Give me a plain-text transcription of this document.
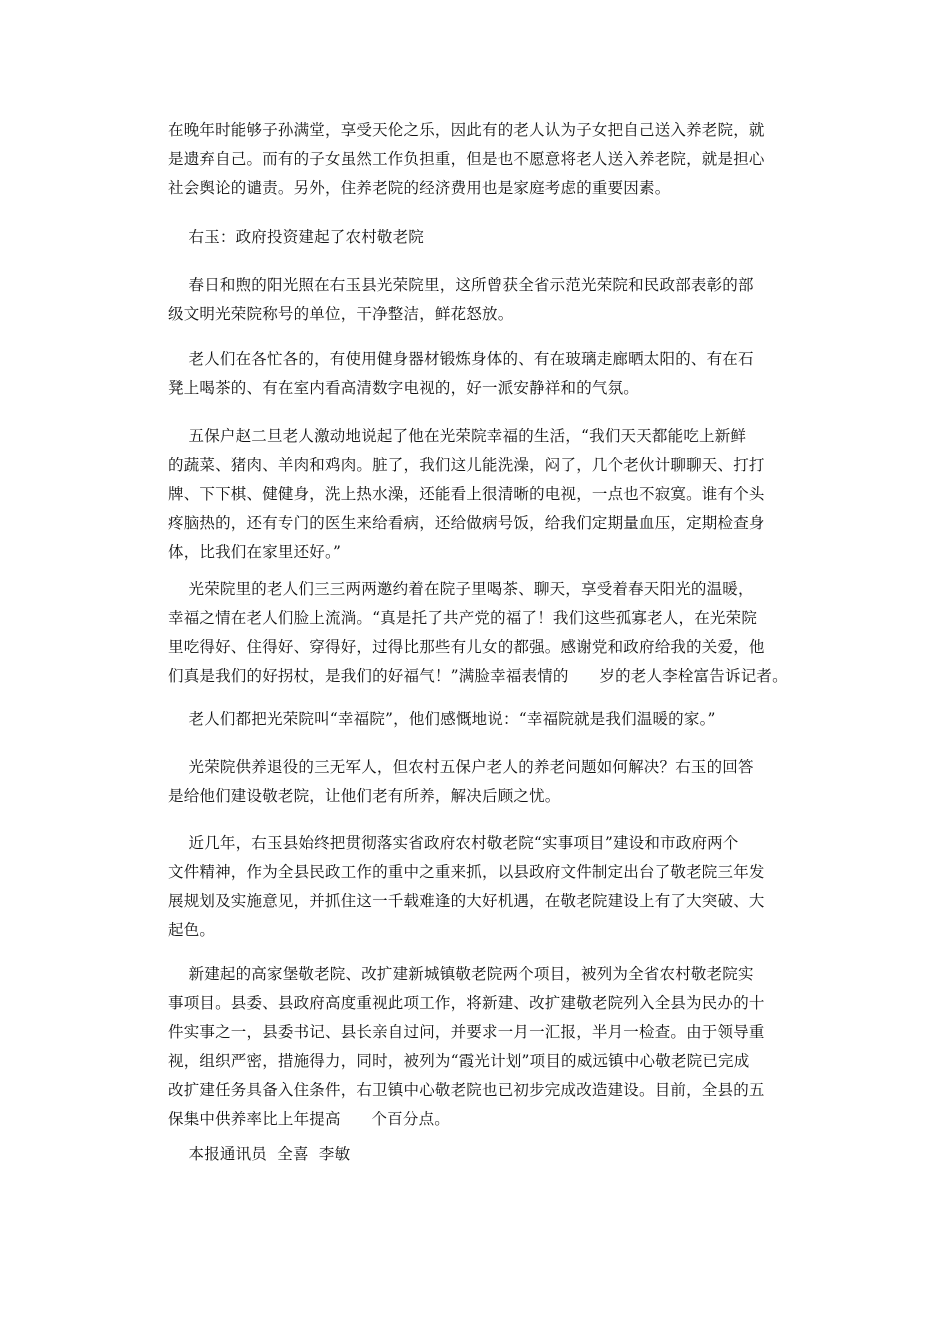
在晚年时能够子孙满堂，享受天伦之乐，因此有的老人认为子女把自己送入养老院，就
是遗弃自己。而有的子女虽然工作负担重，但是也不愿意将老人送入养老院，就是担心
社会舆论的谴责。另外，住养老院的经济费用也是家庭考虑的重要因素。
右玉：政府投资建起了农村敬老院
春日和煦的阳光照在右玉县光荣院里，这所曾获全省示范光荣院和民政部表彰的部
级文明光荣院称号的单位，干净整洁，鲜花怒放。
老人们在各忙各的，有使用健身器材锻炼身体的、有在玻璃走廊晒太阳的、有在石
凳上喝茶的、有在室内看高清数字电视的，好一派安静祥和的气氛。
五保户赵二旦老人激动地说起了他在光荣院幸福的生活，“我们天天都能吃上新鲜
的蔬菜、猪肉、羊肉和鸡肉。脏了，我们这儿能洗澡，闷了，几个老伙计聊聊天、打打
牌、下下棋、健健身，洗上热水澡，还能看上很清晰的电视，一点也不寂寞。谁有个头
疼脑热的，还有专门的医生来给看病，还给做病号饭，给我们定期量血压，定期检查身
体，比我们在家里还好。”
光荣院里的老人们三三两两邀约着在院子里喝茶、聊天，享受着春天阳光的温暖，
幸福之情在老人们脸上流淌。“真是托了共产党的福了！我们这些孤寡老人，在光荣院
里吃得好、住得好、穿得好，过得比那些有儿女的都强。感谢党和政府给我的关爱，他
们真是我们的好拐杖，是我们的好福气！”满脸幸福表情的      岁的老人李栓富告诉记者。
老人们都把光荣院叫“幸福院”，他们感慨地说：“幸福院就是我们温暖的家。”
光荣院供养退役的三无军人，但农村五保户老人的养老问题如何解决？右玉的回答
是给他们建设敬老院，让他们老有所养，解决后顾之忧。
近几年，右玉县始终把贯彻落实省政府农村敬老院“实事项目”建设和市政府两个
文件精神，作为全县民政工作的重中之重来抓，以县政府文件制定出台了敬老院三年发
展规划及实施意见，并抓住这一千载难逢的大好机遇，在敬老院建设上有了大突破、大
起色。
新建起的高家堡敬老院、改扩建新城镇敬老院两个项目，被列为全省农村敬老院实
事项目。县委、县政府高度重视此项工作，将新建、改扩建敬老院列入全县为民办的十
件实事之一，县委书记、县长亲自过问，并要求一月一汇报，半月一检查。由于领导重
视，组织严密，措施得力，同时，被列为“霞光计划”项目的威远镇中心敬老院已完成
改扩建任务具备入住条件，右卫镇中心敬老院也已初步完成改造建设。目前，全县的五
保集中供养率比上年提高      个百分点。
本报通讯员  全喜  李敏
